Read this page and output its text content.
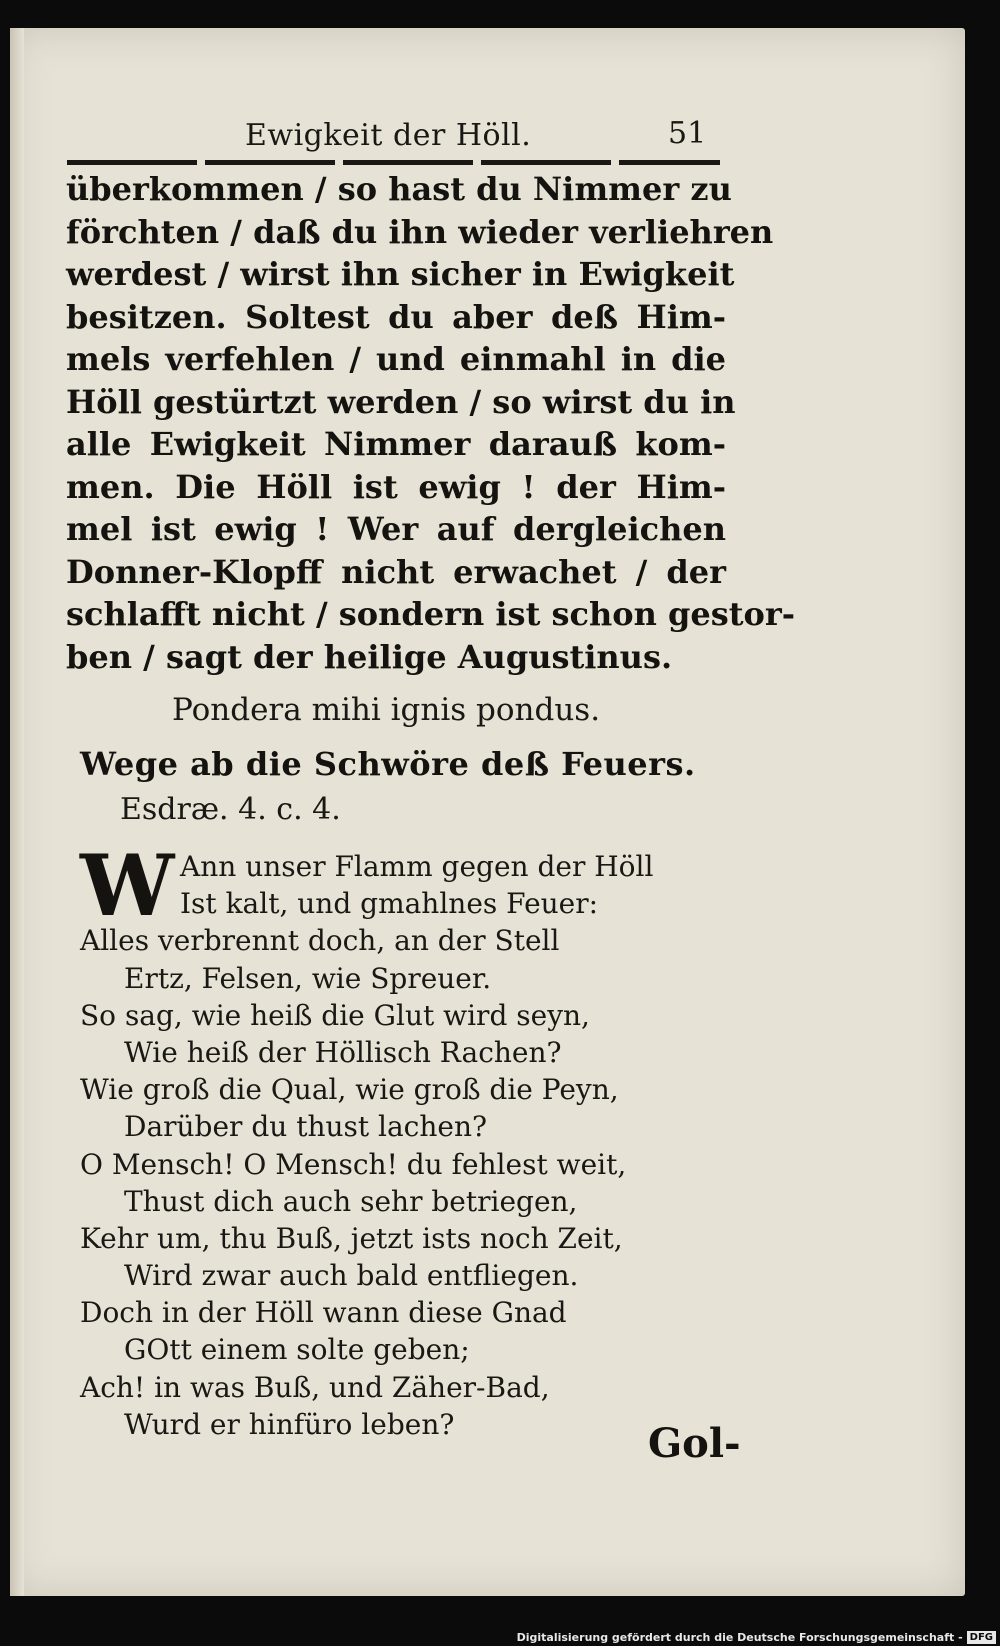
Ewigkeit der Höll.	51
überkommen / so hast du Nimmer zu
förchten / daß du ihn wieder verliehren
werdest / wirst ihn sicher in Ewigkeit
besitzen. Soltest du aber deß Him-
mels verfehlen / und einmahl in die
Höll gestürtzt werden / so wirst du in
alle Ewigkeit Nimmer darauß kom-
men. Die Höll ist ewig ! der Him-
mel ist ewig ! Wer auf dergleichen
Donner-Klopff nicht erwachet / der
schlafft nicht / sondern ist schon gestor-
ben / sagt der heilige Augustinus.
Pondera mihi ignis pondus.
Wege ab die Schwöre deß Feuers.
Esdræ. 4. c. 4.
W Ann unser Flamm gegen der Höll
Ist kalt, und gmahlnes Feuer:
Alles verbrennt doch, an der Stell
Ertz, Felsen, wie Spreuer.
So sag, wie heiß die Glut wird seyn,
Wie heiß der Höllisch Rachen?
Wie groß die Qual, wie groß die Peyn,
Darüber du thust lachen?
O Mensch! O Mensch! du fehlest weit,
Thust dich auch sehr betriegen,
Kehr um, thu Buß, jetzt ists noch Zeit,
Wird zwar auch bald entfliegen.
Doch in der Höll wann diese Gnad
GOtt einem solte geben;
Ach! in was Buß, und Zäher-Bad,
Wurd er hinfüro leben?	Gol-
Digitalisierung gefördert durch die Deutsche Forschungsgemeinschaft - DFG
